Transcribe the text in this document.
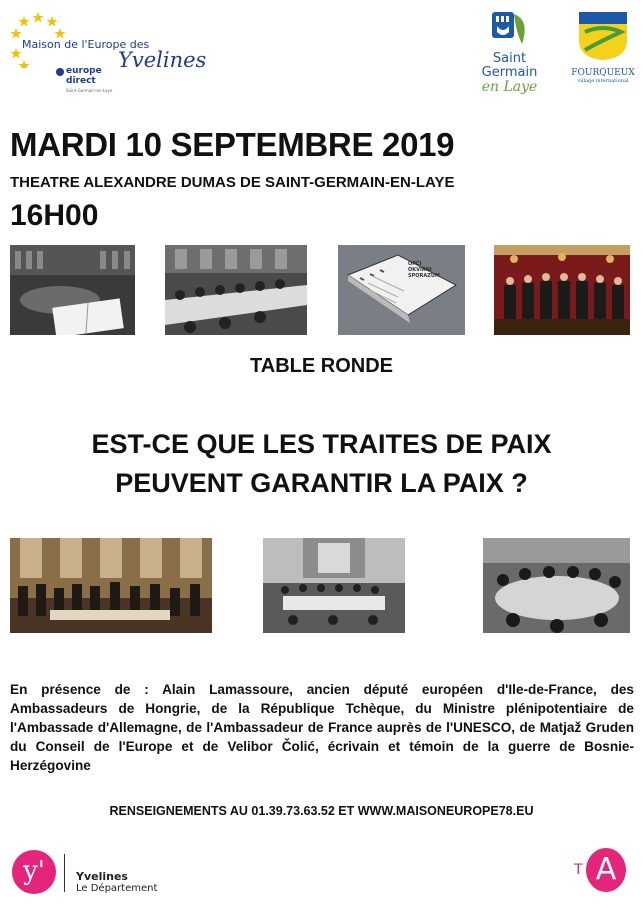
Maison de l'Europe des
Yvelines
europe
direct
Saint-Germain-en-Laye
Saint
Germain
en Laye
FOURQUEUX
village international
MARDI 10 SEPTEMBRE 2019
THEATRE ALEXANDRE DUMAS DE SAINT-GERMAIN-EN-LAYE
16H00
OPĆI
OKVIRNI
SPORAZUM
TABLE RONDE
EST-CE QUE LES TRAITES DE PAIX
PEUVENT GARANTIR LA PAIX ?
En présence de : Alain Lamassoure, ancien député européen d'Ile-de-France, des Ambassadeurs de Hongrie, de la République Tchèque, du Ministre plénipotentiaire de l'Ambassade d'Allemagne, de l'Ambassadeur de France auprès de l'UNESCO, de Matjaž Gruden du Conseil de l'Europe et de Velibor Čolić, écrivain et témoin de la guerre de Bosnie-Herzégovine
RENSEIGNEMENTS AU 01.39.73.63.52 ET WWW.MAISONEUROPE78.EU
y'	Yvelines
Le Département
T A
